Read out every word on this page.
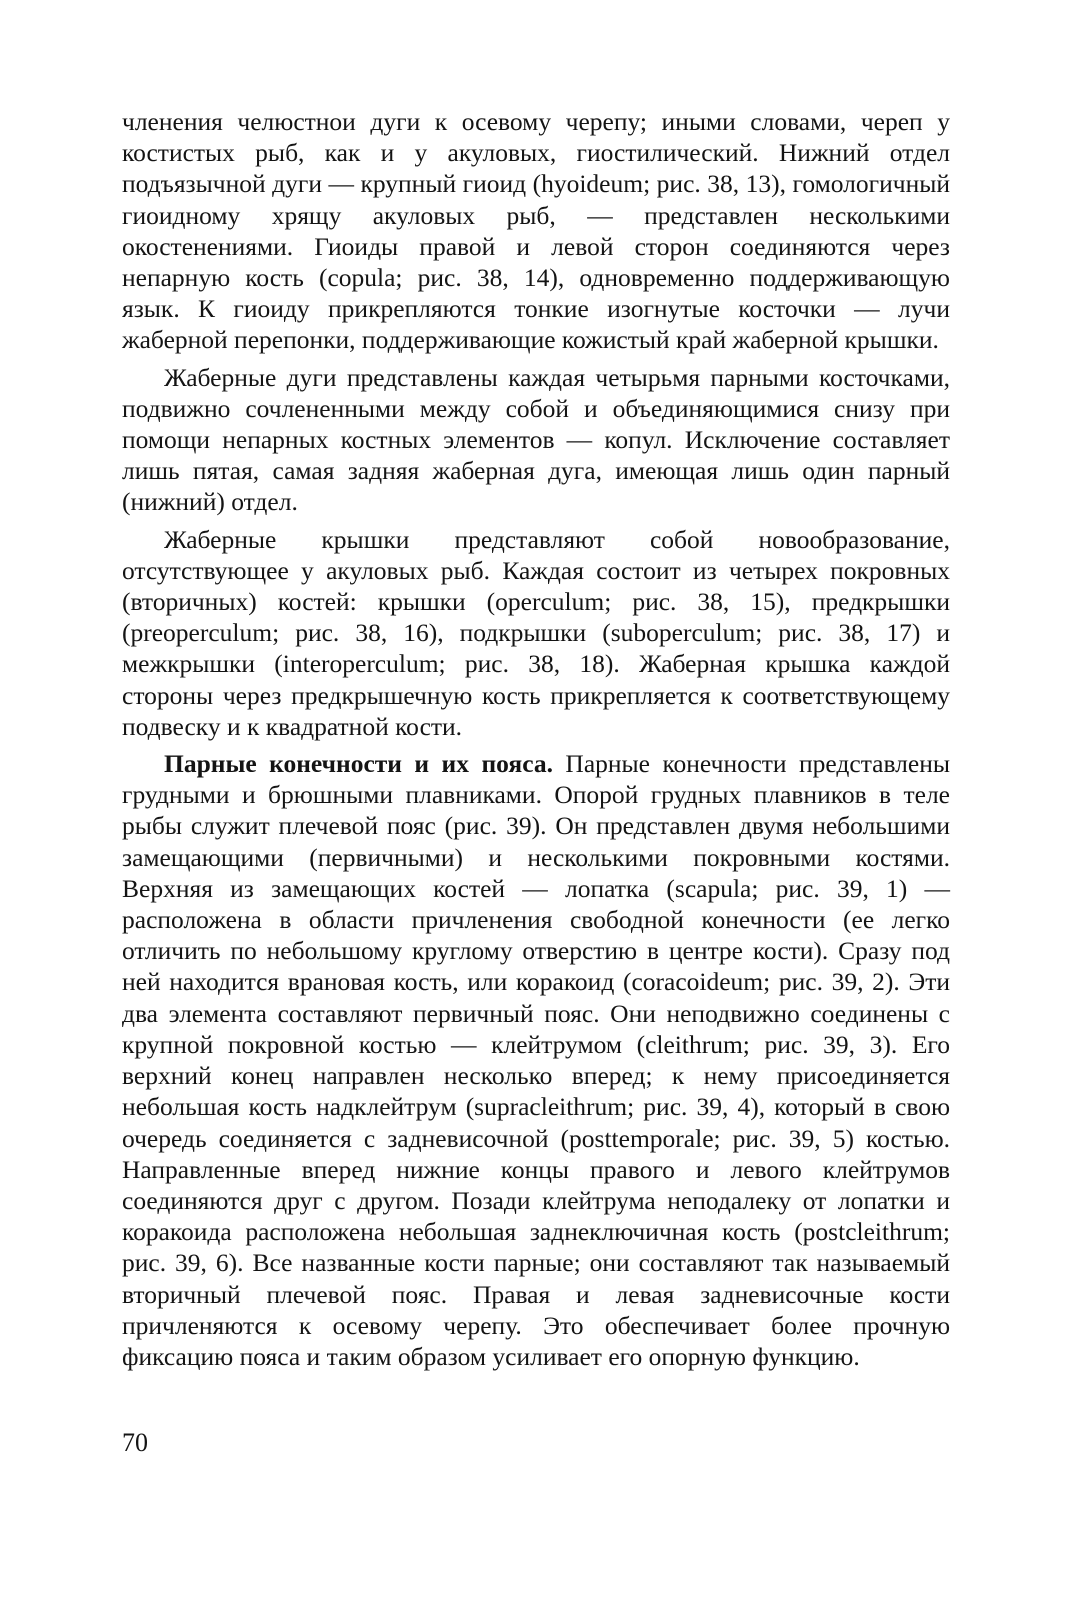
членения челюстнои дуги к осевому черепу; иными словами, череп у костистых рыб, как и у акуловых, гиостилический. Нижний отдел подъязычной дуги — крупный гиоид (hyoideum; рис. 38, 13), гомологичный гиоидному хрящу акуловых рыб, — представлен несколькими окостенениями. Гиоиды правой и левой сторон соединяются через непарную кость (copula; рис. 38, 14), одновременно поддерживающую язык. К гиоиду прикрепляются тонкие изогнутые косточки — лучи жаберной перепонки, поддерживающие кожистый край жаберной крышки.

Жаберные дуги представлены каждая четырьмя парными косточками, подвижно сочлененными между собой и объединяющимися снизу при помощи непарных костных элементов — копул. Исключение составляет лишь пятая, самая задняя жаберная дуга, имеющая лишь один парный (нижний) отдел.

Жаберные крышки представляют собой новообразование, отсутствующее у акуловых рыб. Каждая состоит из четырех покровных (вторичных) костей: крышки (operculum; рис. 38, 15), предкрышки (preoperculum; рис. 38, 16), подкрышки (suboperculum; рис. 38, 17) и межкрышки (interoperculum; рис. 38, 18). Жаберная крышка каждой стороны через предкрышечную кость прикрепляется к соответствующему подвеску и к квадратной кости.

Парные конечности и их пояса. Парные конечности представлены грудными и брюшными плавниками. Опорой грудных плавников в теле рыбы служит плечевой пояс (рис. 39). Он представлен двумя небольшими замещающими (первичными) и несколькими покровными костями. Верхняя из замещающих костей — лопатка (scapula; рис. 39, 1) — расположена в области причленения свободной конечности (ее легко отличить по небольшому круглому отверстию в центре кости). Сразу под ней находится врановая кость, или коракоид (coracoideum; рис. 39, 2). Эти два элемента составляют первичный пояс. Они неподвижно соединены с крупной покровной костью — клейтрумом (cleithrum; рис. 39, 3). Его верхний конец направлен несколько вперед; к нему присоединяется небольшая кость надклейтрум (supracleithrum; рис. 39, 4), который в свою очередь соединяется с задневисочной (posttemporale; рис. 39, 5) костью. Направленные вперед нижние концы правого и левого клейтрумов соединяются друг с другом. Позади клейтрума неподалеку от лопатки и коракоида расположена небольшая заднеключичная кость (postcleithrum; рис. 39, 6). Все названные кости парные; они составляют так называемый вторичный плечевой пояс. Правая и левая задневисочные кости причленяются к осевому черепу. Это обеспечивает более прочную фиксацию пояса и таким образом усиливает его опорную функцию.

70
